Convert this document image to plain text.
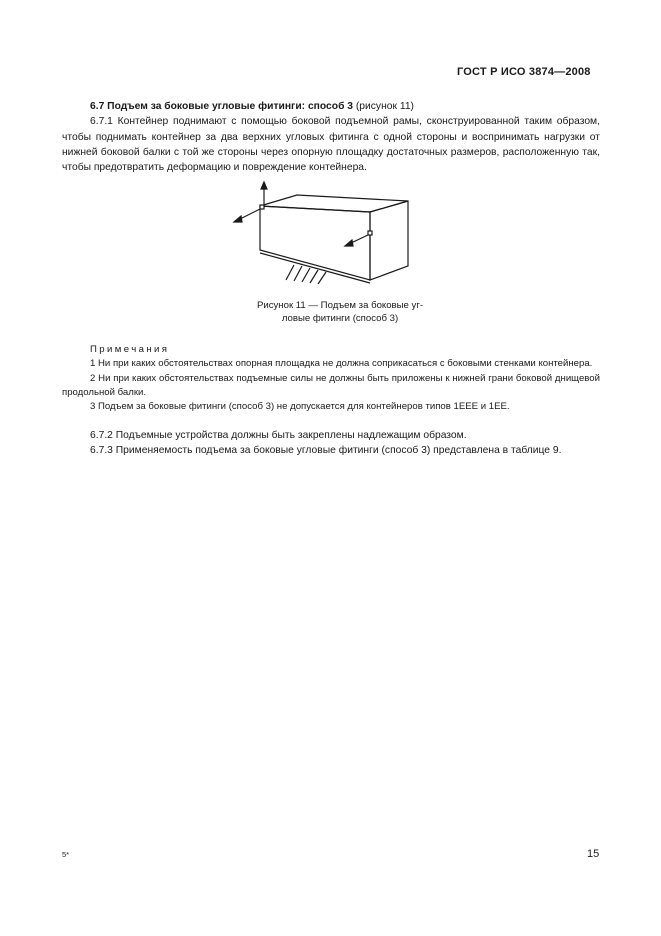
ГОСТ Р ИСО 3874—2008

6.7 Подъем за боковые угловые фитинги: способ 3 (рисунок 11)

6.7.1 Контейнер поднимают с помощью боковой подъемной рамы, сконструированной таким образом, чтобы поднимать контейнер за два верхних угловых фитинга с одной стороны и воспринимать нагрузки от нижней боковой балки с той же стороны через опорную площадку достаточных размеров, расположенную так, чтобы предотвратить деформацию и повреждение контейнера.

Рисунок 11 — Подъем за боковые уг-
ловые фитинги (способ 3)

Примечания

1 Ни при каких обстоятельствах опорная площадка не должна соприкасаться с боковыми стенками контейнера.

2 Ни при каких обстоятельствах подъемные силы не должны быть приложены к нижней грани боковой днищевой продольной балки.

3 Подъем за боковые фитинги (способ 3) не допускается для контейнеров типов 1ЕЕЕ и 1ЕЕ.

6.7.2 Подъемные устройства должны быть закреплены надлежащим образом.

6.7.3 Применяемость подъема за боковые угловые фитинги (способ 3) представлена в таблице 9.

5*	15
